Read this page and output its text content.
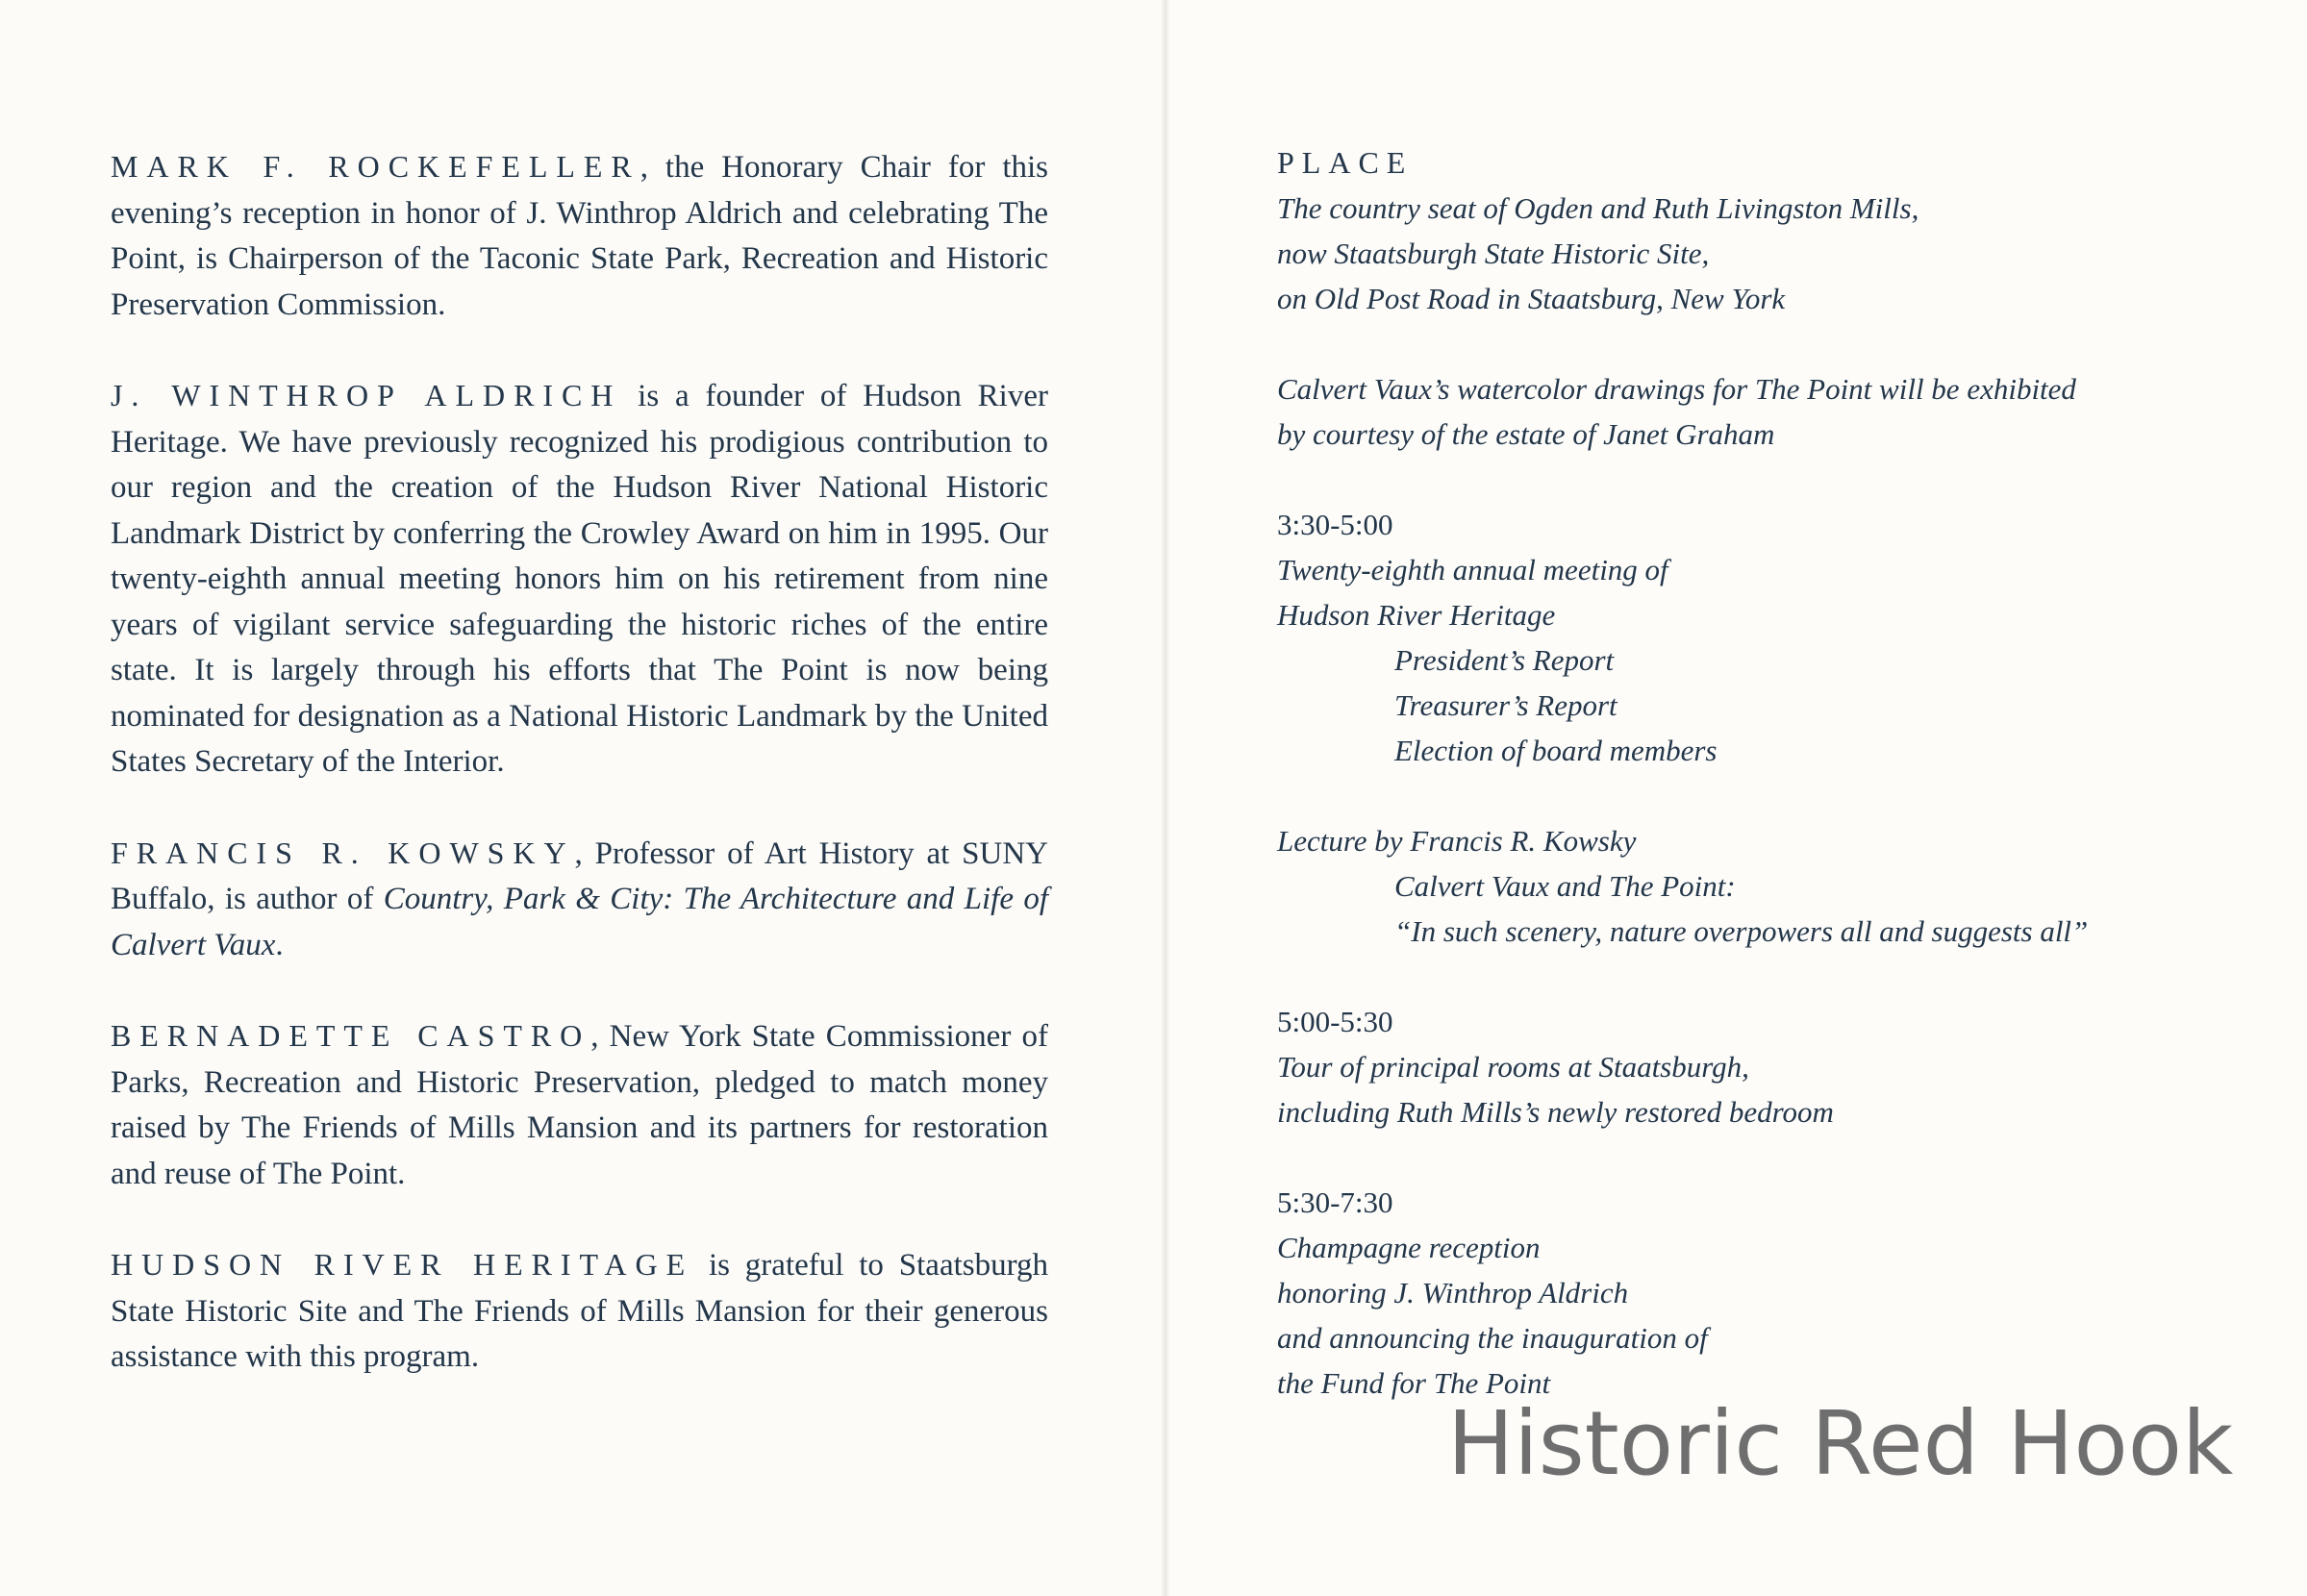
MARK F. ROCKEFELLER, the Honorary Chair for this evening’s reception in honor of J. Winthrop Aldrich and celebrating The Point, is Chairperson of the Taconic State Park, Recreation and Historic Preservation Commission.

J. WINTHROP ALDRICH is a founder of Hudson River Heritage. We have previously recognized his prodigious contribution to our region and the creation of the Hudson River National Historic Landmark District by conferring the Crowley Award on him in 1995. Our twenty-eighth annual meeting honors him on his retirement from nine years of vigilant service safeguarding the historic riches of the entire state. It is largely through his efforts that The Point is now being nominated for designation as a National Historic Landmark by the United States Secretary of the Interior.

FRANCIS R. KOWSKY, Professor of Art History at SUNY Buffalo, is author of Country, Park & City: The Architecture and Life of Calvert Vaux.

BERNADETTE CASTRO, New York State Commissioner of Parks, Recreation and Historic Preservation, pledged to match money raised by The Friends of Mills Mansion and its partners for restoration and reuse of The Point.

HUDSON RIVER HERITAGE is grateful to Staatsburgh State Historic Site and The Friends of Mills Mansion for their generous assistance with this program.

PLACE
The country seat of Ogden and Ruth Livingston Mills,
now Staatsburgh State Historic Site,
on Old Post Road in Staatsburg, New York
Calvert Vaux’s watercolor drawings for The Point will be exhibited
by courtesy of the estate of Janet Graham
3:30-5:00
Twenty-eighth annual meeting of
Hudson River Heritage
President’s Report
Treasurer’s Report
Election of board members
Lecture by Francis R. Kowsky
Calvert Vaux and The Point:
“In such scenery, nature overpowers all and suggests all”
5:00-5:30
Tour of principal rooms at Staatsburgh,
including Ruth Mills’s newly restored bedroom
5:30-7:30
Champagne reception
honoring J. Winthrop Aldrich
and announcing the inauguration of
the Fund for The Point
Historic Red Hook
